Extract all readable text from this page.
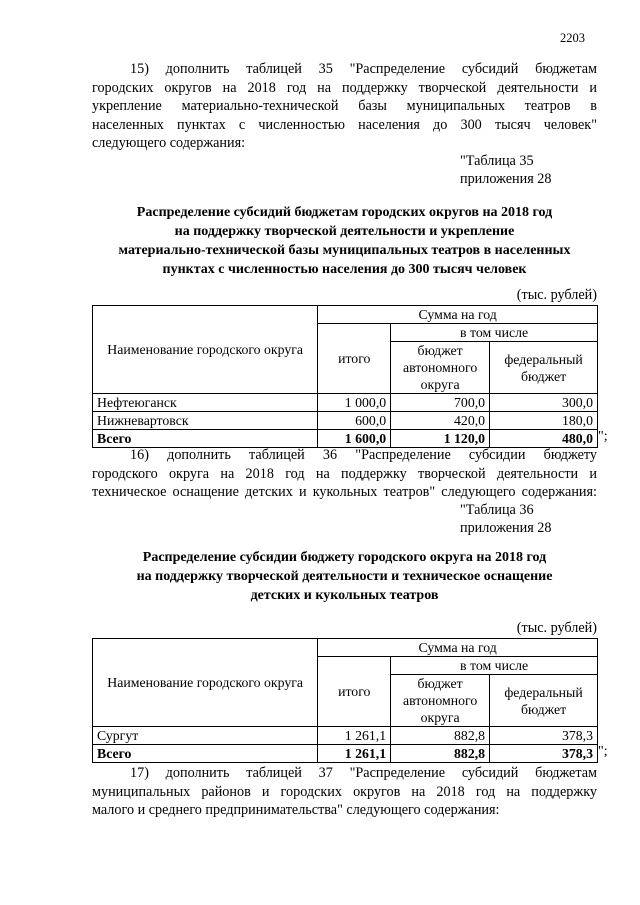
2203
15) дополнить таблицей 35 "Распределение субсидий бюджетам
городских округов на 2018 год на поддержку творческой деятельности и
укрепление материально-технической базы муниципальных театров в
населенных пунктах с численностью населения до 300 тысяч человек"
следующего содержания:
"Таблица 35
приложения 28
Распределение субсидий бюджетам городских округов на 2018 год
на поддержку творческой деятельности и укрепление
материально-технической базы муниципальных театров в населенных
пунктах с численностью населения до 300 тысяч человек
(тыс. рублей)
Наименование городского округа	Сумма на год		
	итого	в том числе	
		бюджет автономного округа	федеральный бюджет
Нефтеюганск	1 000,0	700,0	300,0
Нижневартовск	600,0	420,0	180,0
Всего	1 600,0	1 120,0	480,0 ";
16) дополнить таблицей 36 "Распределение субсидии бюджету
городского округа на 2018 год на поддержку творческой деятельности и
техническое оснащение детских и кукольных театров" следующего содержания:
"Таблица 36
приложения 28
Распределение субсидии бюджету городского округа на 2018 год
на поддержку творческой деятельности и техническое оснащение
детских и кукольных театров
(тыс. рублей)
Наименование городского округа	Сумма на год		
	итого	в том числе	
		бюджет автономного округа	федеральный бюджет
Сургут	1 261,1	882,8	378,3
Всего	1 261,1	882,8	378,3 ";
17) дополнить таблицей 37 "Распределение субсидий бюджетам
муниципальных районов и городских округов на 2018 год на поддержку
малого и среднего предпринимательства" следующего содержания:
